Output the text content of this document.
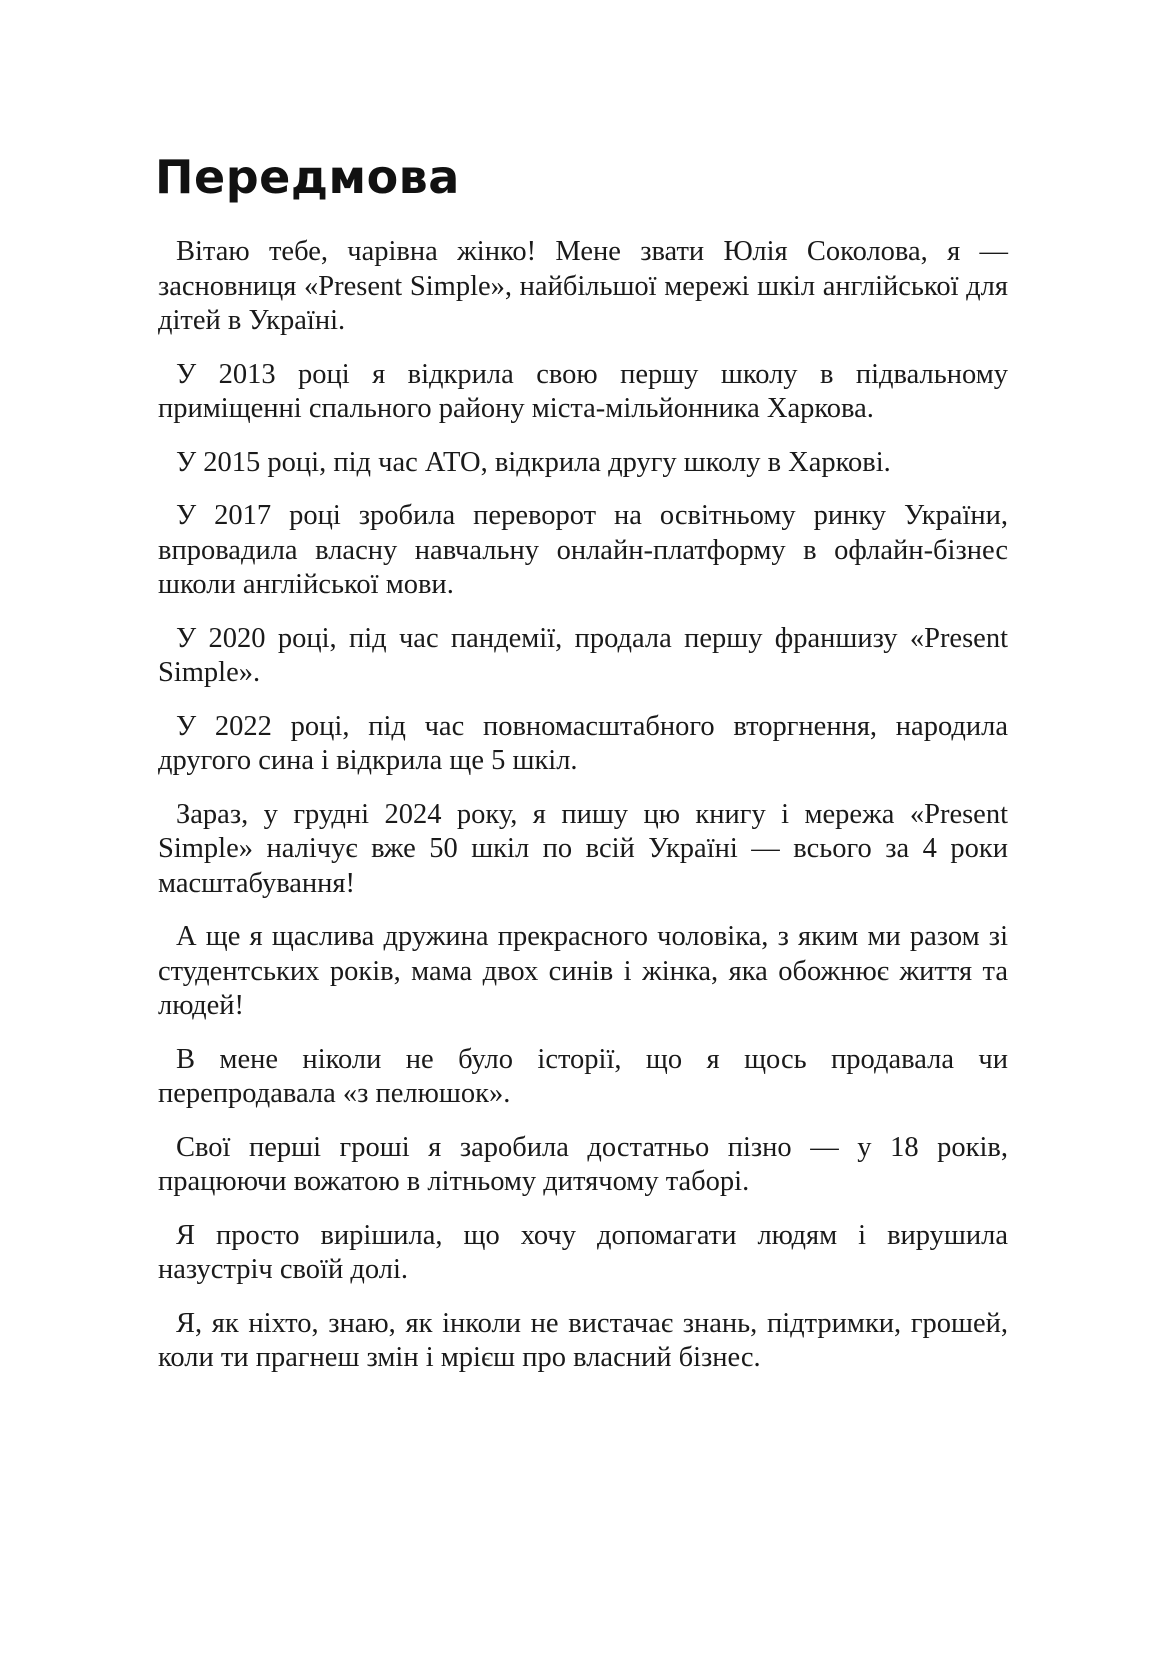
Передмова

Вітаю тебе, чарівна жінко! Мене звати Юлія Соколова, я — засновниця «Present Simple», найбільшої мережі шкіл англійської для дітей в Україні.

У 2013 році я відкрила свою першу школу в підвальному приміщенні спального району міста-мільйонника Харкова.

У 2015 році, під час АТО, відкрила другу школу в Харкові.

У 2017 році зробила переворот на освітньому ринку України, впровадила власну навчальну онлайн-платформу в офлайн-бізнес школи англійської мови.

У 2020 році, під час пандемії, продала першу франшизу «Present Simple».

У 2022 році, під час повномасштабного вторгнення, народила другого сина і відкрила ще 5 шкіл.

Зараз, у грудні 2024 року, я пишу цю книгу і мережа «Present Simple» налічує вже 50 шкіл по всій Україні — всього за 4 роки масштабування!

А ще я щаслива дружина прекрасного чоловіка, з яким ми разом зі студентських років, мама двох синів і жінка, яка обожнює життя та людей!

В мене ніколи не було історії, що я щось продавала чи перепродавала «з пелюшок».

Свої перші гроші я заробила достатньо пізно — у 18 років, працюючи вожатою в літньому дитячому таборі.

Я просто вирішила, що хочу допомагати людям і вирушила назустріч своїй долі.

Я, як ніхто, знаю, як інколи не вистачає знань, підтримки, грошей, коли ти прагнеш змін і мрієш про власний бізнес.
